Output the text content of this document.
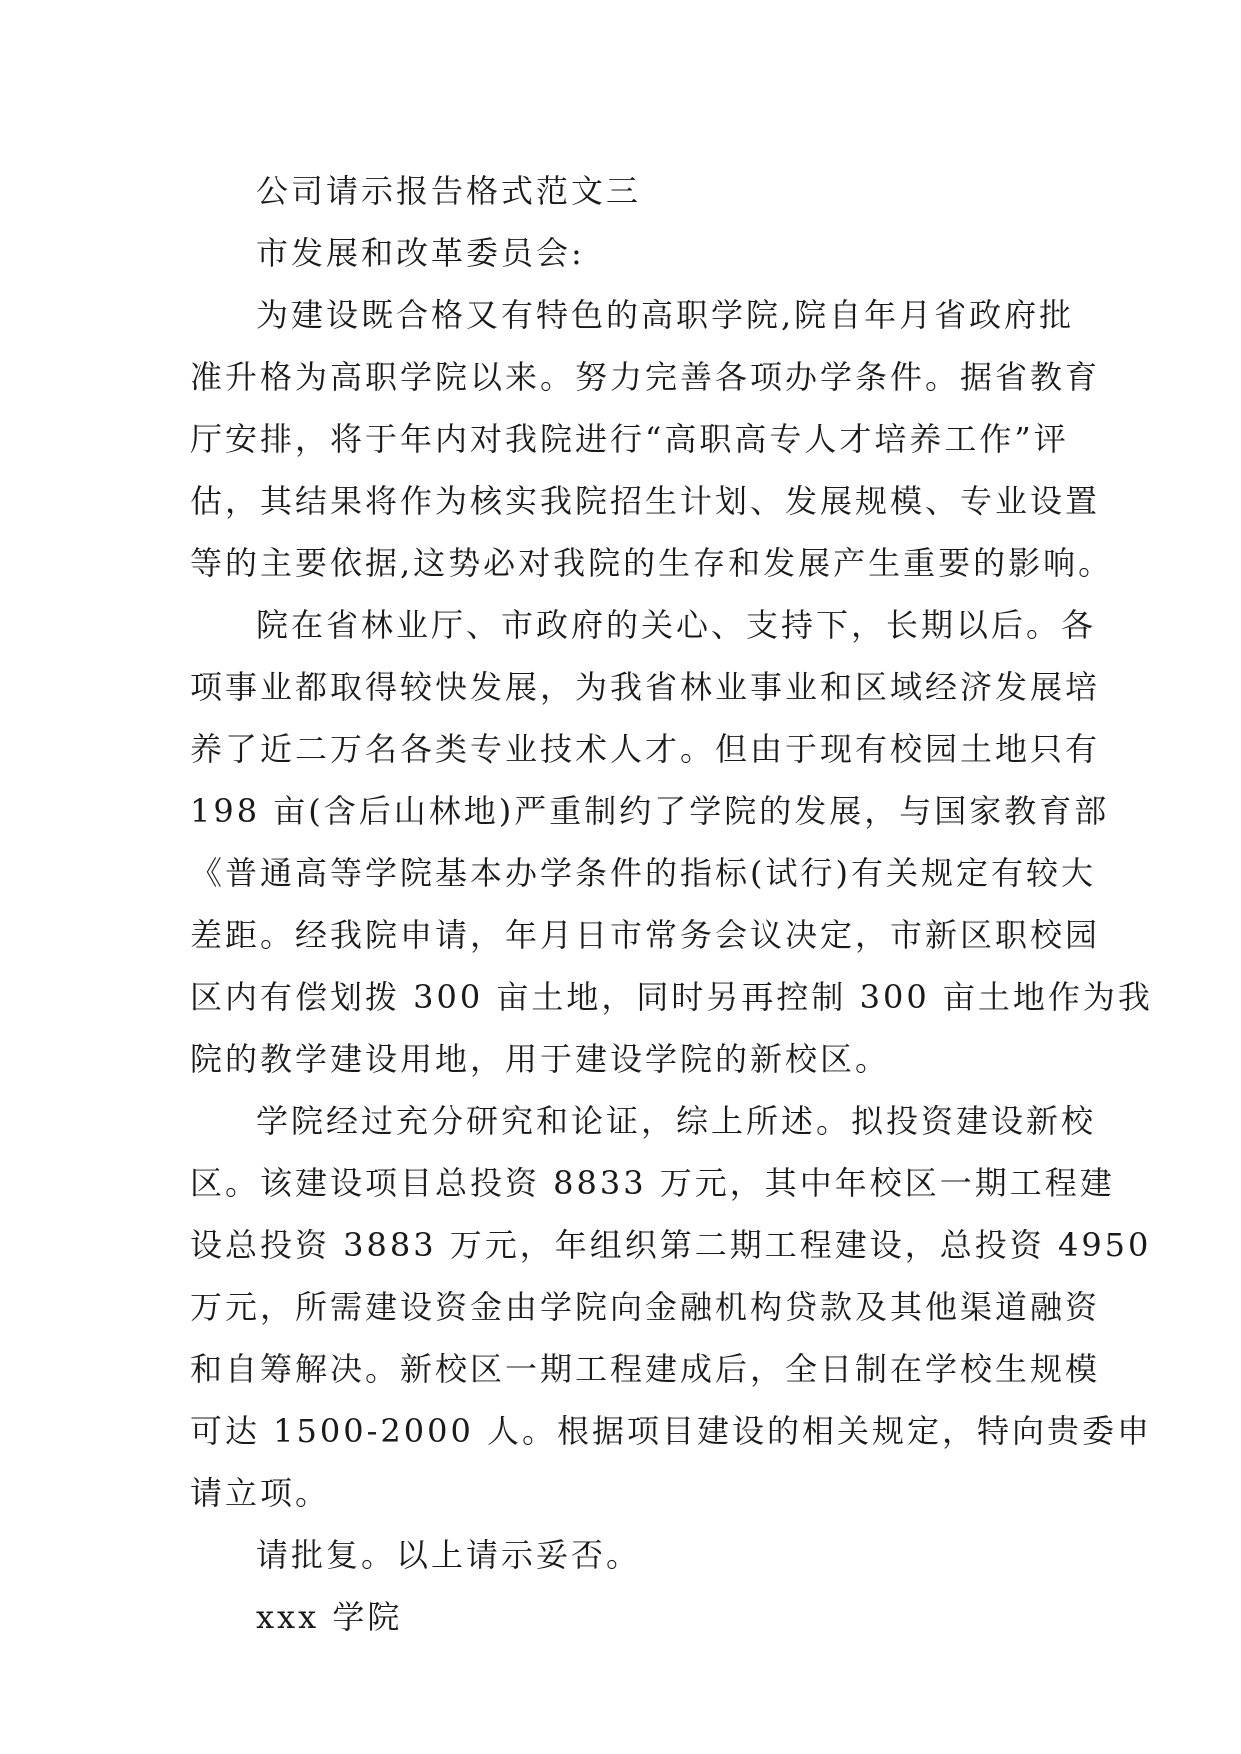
公司请示报告格式范文三

市发展和改革委员会:

为建设既合格又有特色的高职学院,院自年月省政府批

准升格为高职学院以来。努力完善各项办学条件。据省教育

厅安排，将于年内对我院进行“高职高专人才培养工作”评

估，其结果将作为核实我院招生计划、发展规模、专业设置

等的主要依据,这势必对我院的生存和发展产生重要的影响。

院在省林业厅、市政府的关心、支持下，长期以后。各

项事业都取得较快发展，为我省林业事业和区域经济发展培

养了近二万名各类专业技术人才。但由于现有校园土地只有

198 亩(含后山林地)严重制约了学院的发展，与国家教育部

《普通高等学院基本办学条件的指标(试行)有关规定有较大

差距。经我院申请，年月日市常务会议决定，市新区职校园

区内有偿划拨 300 亩土地，同时另再控制 300 亩土地作为我

院的教学建设用地，用于建设学院的新校区。

学院经过充分研究和论证，综上所述。拟投资建设新校

区。该建设项目总投资 8833 万元，其中年校区一期工程建

设总投资 3883 万元，年组织第二期工程建设，总投资 4950

万元，所需建设资金由学院向金融机构贷款及其他渠道融资

和自筹解决。新校区一期工程建成后，全日制在学校生规模

可达 1500-2000 人。根据项目建设的相关规定，特向贵委申

请立项。

请批复。以上请示妥否。

xxx 学院
